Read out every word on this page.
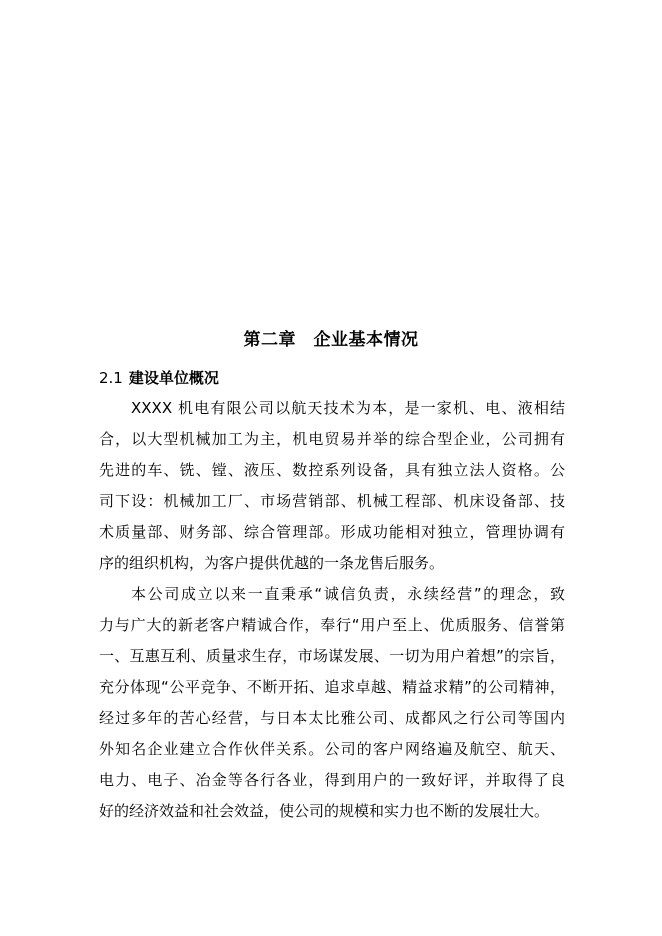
第二章　企业基本情况
2.1 建设单位概况

XXXX 机电有限公司以航天技术为本，是一家机、电、液相结

合，以大型机械加工为主，机电贸易并举的综合型企业，公司拥有

先进的车、铣、镗、液压、数控系列设备，具有独立法人资格。公

司下设：机械加工厂、市场营销部、机械工程部、机床设备部、技

术质量部、财务部、综合管理部。形成功能相对独立，管理协调有

序的组织机构，为客户提供优越的一条龙售后服务。

本公司成立以来一直秉承“诚信负责，永续经营”的理念，致

力与广大的新老客户精诚合作，奉行“用户至上、优质服务、信誉第

一、互惠互利、质量求生存，市场谋发展、一切为用户着想”的宗旨，

充分体现“公平竞争、不断开拓、追求卓越、精益求精”的公司精神，

经过多年的苦心经营，与日本太比雅公司、成都风之行公司等国内

外知名企业建立合作伙伴关系。公司的客户网络遍及航空、航天、

电力、电子、冶金等各行各业，得到用户的一致好评，并取得了良

好的经济效益和社会效益，使公司的规模和实力也不断的发展壮大。
